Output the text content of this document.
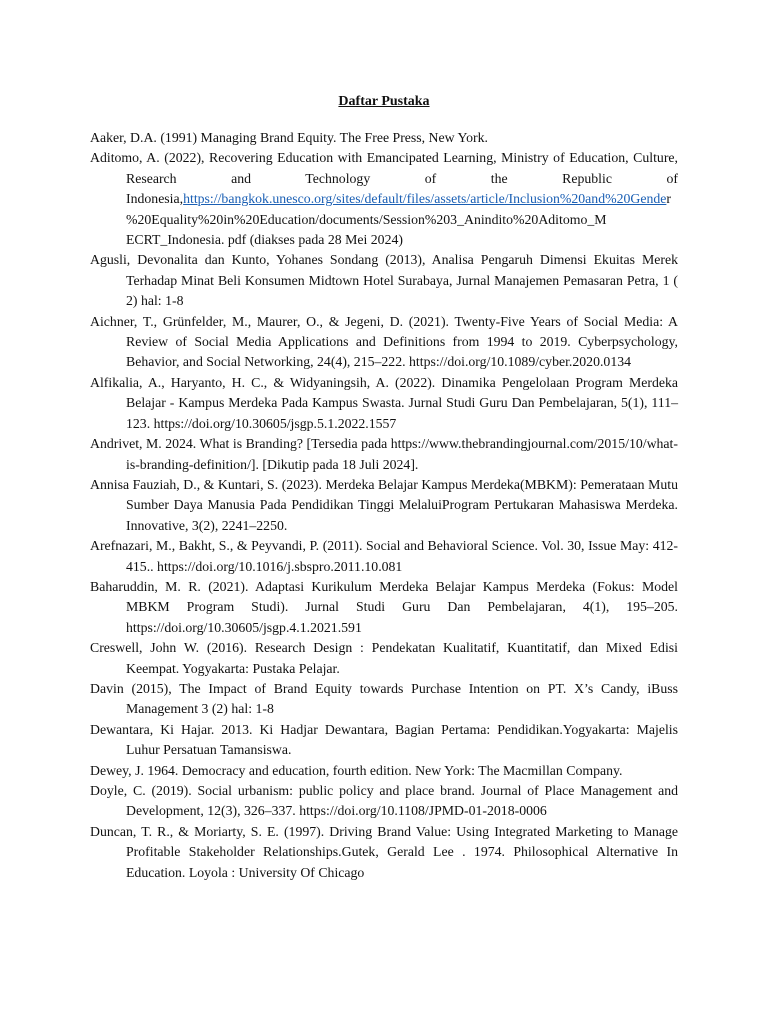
Daftar Pustaka
Aaker, D.A. (1991) Managing Brand Equity. The Free Press, New York.
Aditomo, A. (2022), Recovering Education with Emancipated Learning, Ministry of Education, Culture, Research and Technology of the Republic of Indonesia,https://bangkok.unesco.org/sites/default/files/assets/article/Inclusion%20and%20Gender%20Equality%20in%20Education/documents/Session%203_Anindito%20Aditomo_M ECRT_Indonesia. pdf (diakses pada 28 Mei 2024)
Agusli, Devonalita dan Kunto, Yohanes Sondang (2013), Analisa Pengaruh Dimensi Ekuitas Merek Terhadap Minat Beli Konsumen Midtown Hotel Surabaya, Jurnal Manajemen Pemasaran Petra, 1 ( 2) hal: 1-8
Aichner, T., Grünfelder, M., Maurer, O., & Jegeni, D. (2021). Twenty-Five Years of Social Media: A Review of Social Media Applications and Definitions from 1994 to 2019. Cyberpsychology, Behavior, and Social Networking, 24(4), 215–222. https://doi.org/10.1089/cyber.2020.0134
Alfikalia, A., Haryanto, H. C., & Widyaningsih, A. (2022). Dinamika Pengelolaan Program Merdeka Belajar - Kampus Merdeka Pada Kampus Swasta. Jurnal Studi Guru Dan Pembelajaran, 5(1), 111–123. https://doi.org/10.30605/jsgp.5.1.2022.1557
Andrivet, M. 2024. What is Branding? [Tersedia pada https://www.thebrandingjournal.com/2015/10/what-is-branding-definition/]. [Dikutip pada 18 Juli 2024].
Annisa Fauziah, D., & Kuntari, S. (2023). Merdeka Belajar Kampus Merdeka(MBKM): Pemerataan Mutu Sumber Daya Manusia Pada Pendidikan Tinggi MelaluiProgram Pertukaran Mahasiswa Merdeka. Innovative, 3(2), 2241–2250.
Arefnazari, M., Bakht, S., & Peyvandi, P. (2011). Social and Behavioral Science. Vol. 30, Issue May: 412-415.. https://doi.org/10.1016/j.sbspro.2011.10.081
Baharuddin, M. R. (2021). Adaptasi Kurikulum Merdeka Belajar Kampus Merdeka (Fokus: Model MBKM Program Studi). Jurnal Studi Guru Dan Pembelajaran, 4(1), 195–205. https://doi.org/10.30605/jsgp.4.1.2021.591
Creswell, John W. (2016). Research Design : Pendekatan Kualitatif, Kuantitatif, dan Mixed Edisi Keempat. Yogyakarta: Pustaka Pelajar.
Davin (2015), The Impact of Brand Equity towards Purchase Intention on PT. X’s Candy, iBuss Management 3 (2) hal: 1-8
Dewantara, Ki Hajar. 2013. Ki Hadjar Dewantara, Bagian Pertama: Pendidikan.Yogyakarta: Majelis Luhur Persatuan Tamansiswa.
Dewey, J. 1964. Democracy and education, fourth edition. New York: The Macmillan Company.
Doyle, C. (2019). Social urbanism: public policy and place brand. Journal of Place Management and Development, 12(3), 326–337. https://doi.org/10.1108/JPMD-01-2018-0006
Duncan, T. R., & Moriarty, S. E. (1997). Driving Brand Value: Using Integrated Marketing to Manage Profitable Stakeholder Relationships.Gutek, Gerald Lee . 1974. Philosophical Alternative In Education. Loyola : University Of Chicago
